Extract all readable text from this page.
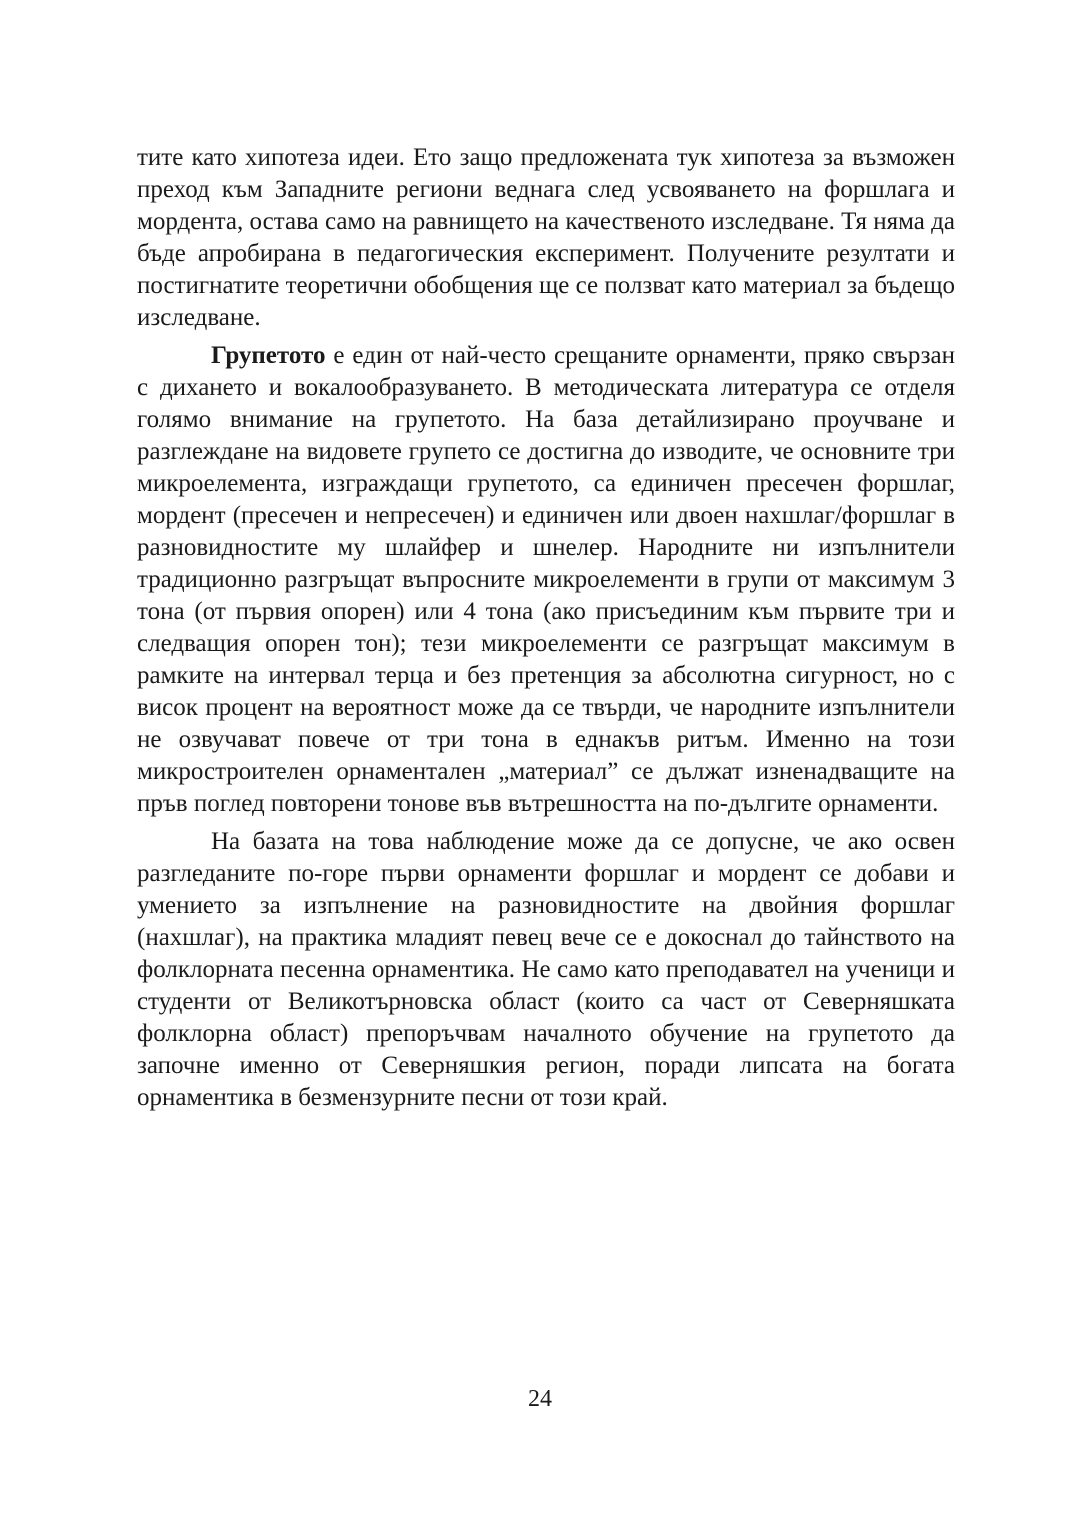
тите като хипотеза идеи. Ето защо предложената тук хипотеза за възможен преход към Западните региони веднага след усвояването на форшлага и мордента, остава само на равнището на качественото изследване. Тя няма да бъде апробирана в педагогическия експеримент. Получените резултати и постигнатите теоретични обобщения ще се ползват като материал за бъдещо изследване.

Групетото е един от най-често срещаните орнаменти, пряко свързан с дихането и вокалообразуването. В методическата литература се отделя голямо внимание на групетото. На база детайлизирано проучване и разглеждане на видовете групето се достигна до изводите, че основните три микроелемента, изграждащи групетото, са единичен пресечен форшлаг, мордент (пресечен и непресечен) и единичен или двоен нахшлаг/форшлаг в разновидностите му шлайфер и шнелер. Народните ни изпълнители традиционно разгръщат въпросните микроелементи в групи от максимум 3 тона (от първия опорен) или 4 тона (ако присъединим към първите три и следващия опорен тон); тези микроелементи се разгръщат максимум в рамките на интервал терца и без претенция за абсолютна сигурност, но с висок процент на вероятност може да се твърди, че народните изпълнители не озвучават повече от три тона в еднакъв ритъм. Именно на този микростроителен орнаментален „материал” се дължат изненадващите на пръв поглед повторени тонове във вътрешността на по-дългите орнаменти.

На базата на това наблюдение може да се допусне, че ако освен разгледаните по-горе първи орнаменти форшлаг и мордент се добави и умението за изпълнение на разновидностите на двойния форшлаг (нахшлаг), на практика младият певец вече се е докоснал до тайнството на фолклорната песенна орнаментика. Не само като преподавател на ученици и студенти от Великотърновска област (които са част от Северняшката фолклорна област) препоръчвам началното обучение на групетото да започне именно от Северняшкия регион, поради липсата на богата орнаментика в безмензурните песни от този край.

24
